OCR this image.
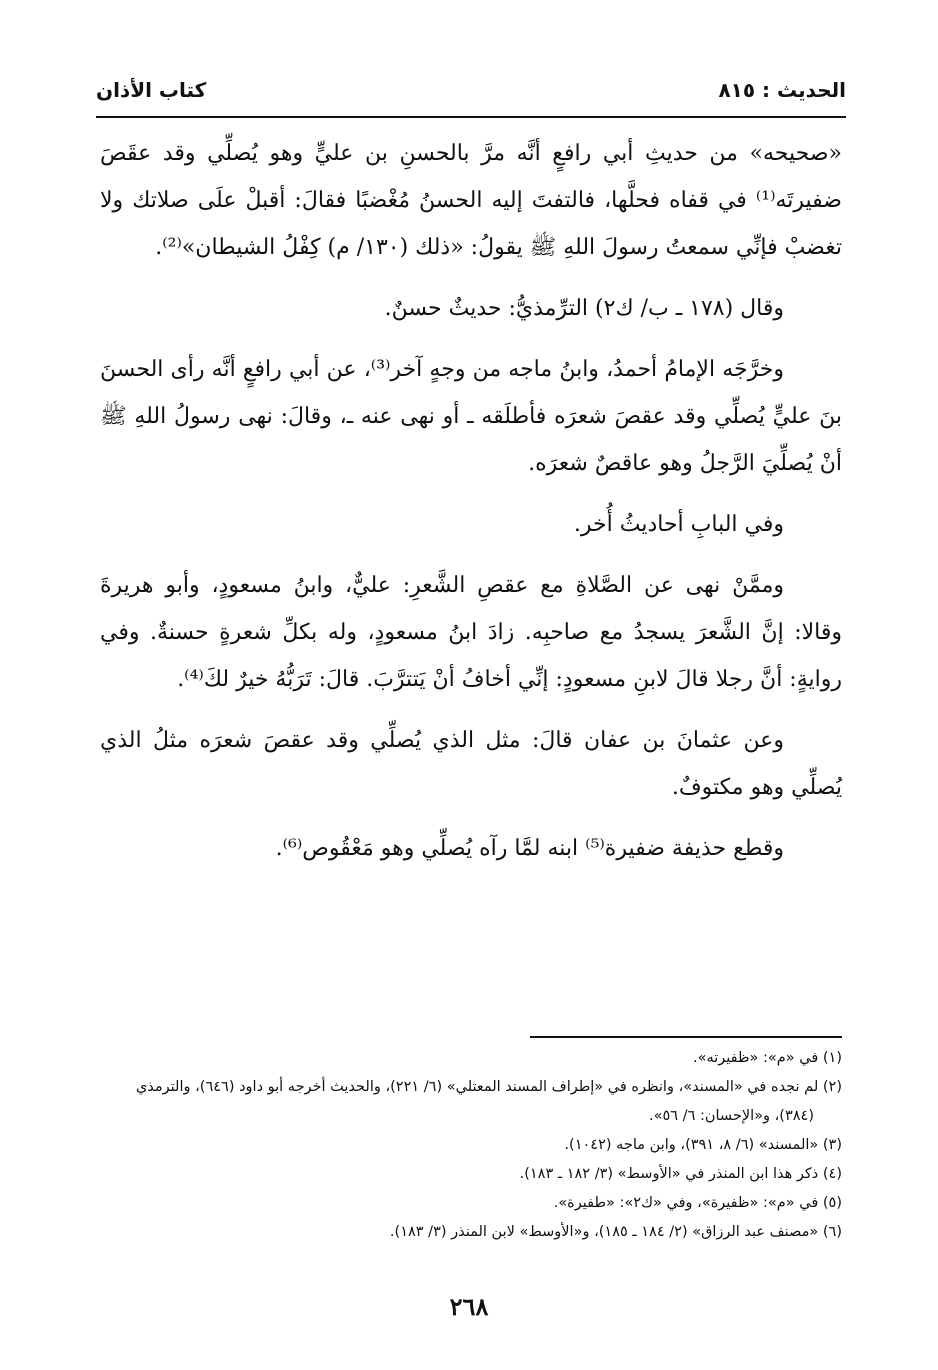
الحديث : ٨١٥
كتاب الأذان

«صحيحه» من حديثِ أبي رافعٍ أنَّه مرَّ بالحسنِ بن عليٍّ وهو يُصلِّي وقد عقَصَ ضفيرتَه⁽¹⁾ في قفاه فحلَّها، فالتفتَ إليه الحسنُ مُغْضبًا فقالَ: أقبلْ علَى صلاتك ولا تغضبْ فإنِّي سمعتُ رسولَ اللهِ ﷺ يقولُ: «ذلك (١٣٠/ م) كِفْلُ الشيطان»⁽²⁾.

وقال (١٧٨ ـ ب/ ك٢) الترِّمذيُّ: حديثٌ حسنٌ.

وخرَّجَه الإمامُ أحمدُ، وابنُ ماجه من وجهٍ آخر⁽³⁾، عن أبي رافعٍ أنَّه رأى الحسنَ بنَ عليٍّ يُصلِّي وقد عقصَ شعرَه فأطلَقه ـ أو نهى عنه ـ، وقالَ: نهى رسولُ اللهِ ﷺ أنْ يُصلِّيَ الرَّجلُ وهو عاقصٌ شعرَه.

وفي البابِ أحاديثُ أُخر.

وممَّنْ نهى عن الصَّلاةِ مع عقصِ الشَّعرِ: عليٌّ، وابنُ مسعودٍ، وأبو هريرةَ وقالا: إنَّ الشَّعرَ يسجدُ مع صاحبِه. زادَ ابنُ مسعودٍ، وله بكلِّ شعرةٍ حسنةٌ. وفي روايةٍ: أنَّ رجلا قالَ لابنِ مسعودٍ: إنِّي أخافُ أنْ يَتترَّبَ. قالَ: تَرَبُّهُ خيرٌ لكَ⁽⁴⁾.

وعن عثمانَ بن عفان قالَ: مثل الذي يُصلِّي وقد عقصَ شعرَه مثلُ الذي يُصلِّي وهو مكتوفٌ.

وقطع حذيفة ضفيرة⁽⁵⁾ ابنه لمَّا رآه يُصلِّي وهو مَعْقُوص⁽⁶⁾.

(١) في «م»: «ظفيرته».

(٢) لم نجده في «المسند»، وانظره في «إطراف المسند المعتلي» (٦/ ٢٢١)، والحديث أخرجه أبو داود (٦٤٦)، والترمذي (٣٨٤)، و«الإحسان: ٦/ ٥٦».

(٣) «المسند» (٦/ ٨، ٣٩١)، وابن ماجه (١٠٤٢).

(٤) ذكر هذا ابن المنذر في «الأوسط» (٣/ ١٨٢ ـ ١٨٣).

(٥) في «م»: «ظفيرة»، وفي «ك٢»: «طفيرة».

(٦) «مصنف عبد الرزاق» (٢/ ١٨٤ ـ ١٨٥)، و«الأوسط» لابن المنذر (٣/ ١٨٣).

٢٦٨
